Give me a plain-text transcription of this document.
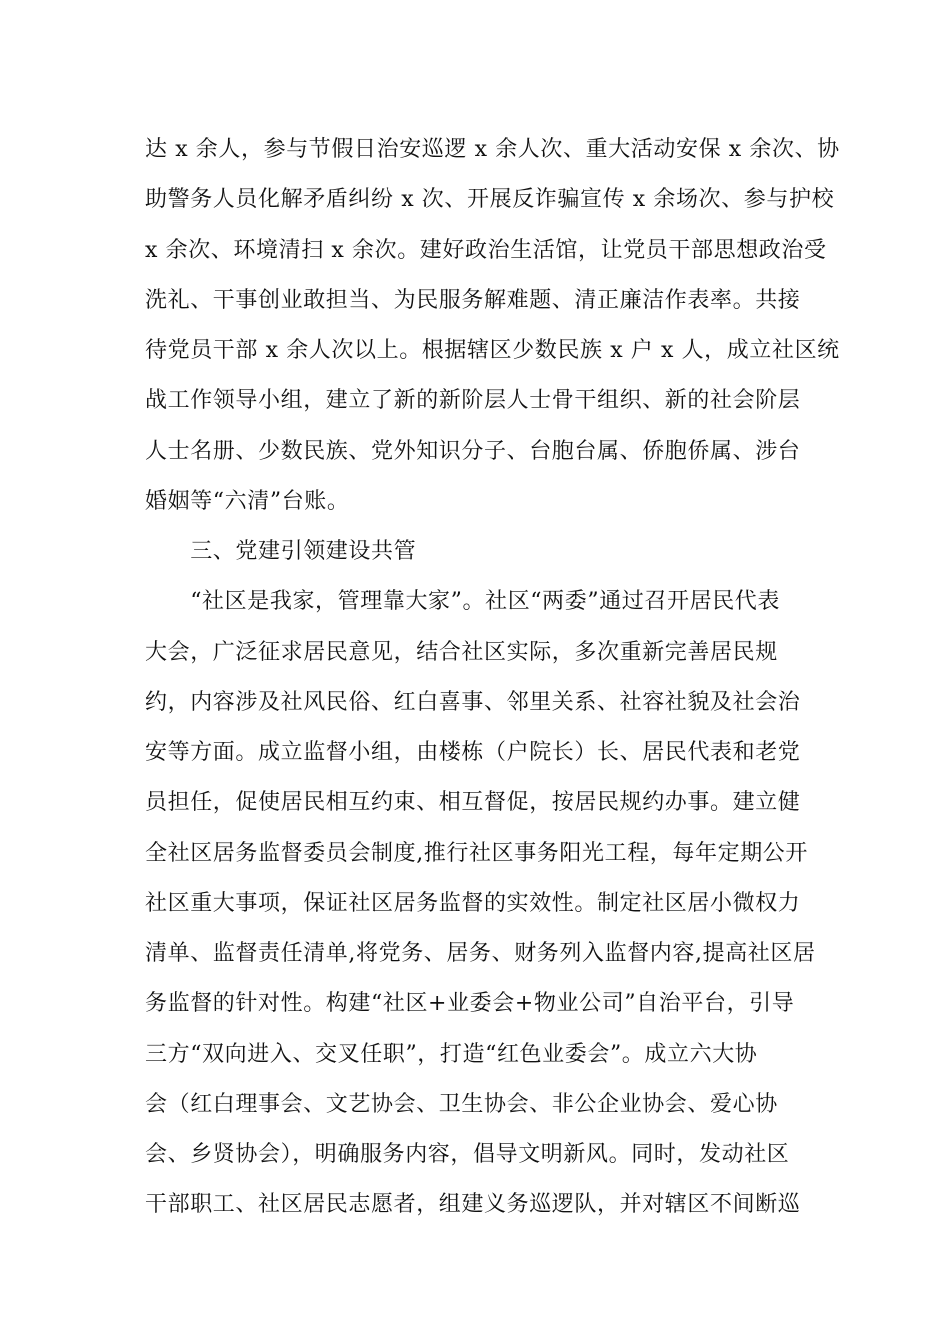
达 x 余人，参与节假日治安巡逻 x 余人次、重大活动安保 x 余次、协
助警务人员化解矛盾纠纷 x 次、开展反诈骗宣传 x 余场次、参与护校
x 余次、环境清扫 x 余次。建好政治生活馆，让党员干部思想政治受
洗礼、干事创业敢担当、为民服务解难题、清正廉洁作表率。共接
待党员干部 x 余人次以上。根据辖区少数民族 x 户 x 人，成立社区统
战工作领导小组，建立了新的新阶层人士骨干组织、新的社会阶层
人士名册、少数民族、党外知识分子、台胞台属、侨胞侨属、涉台
婚姻等“六清”台账。
　　三、党建引领建设共管
　　“社区是我家，管理靠大家”。社区“两委”通过召开居民代表
大会，广泛征求居民意见，结合社区实际，多次重新完善居民规
约，内容涉及社风民俗、红白喜事、邻里关系、社容社貌及社会治
安等方面。成立监督小组，由楼栋（户院长）长、居民代表和老党
员担任，促使居民相互约束、相互督促，按居民规约办事。建立健
全社区居务监督委员会制度,推行社区事务阳光工程，每年定期公开
社区重大事项，保证社区居务监督的实效性。制定社区居小微权力
清单、监督责任清单,将党务、居务、财务列入监督内容,提高社区居
务监督的针对性。构建“社区+业委会+物业公司”自治平台，引导
三方“双向进入、交叉任职”，打造“红色业委会”。成立六大协
会（红白理事会、文艺协会、卫生协会、非公企业协会、爱心协
会、乡贤协会），明确服务内容，倡导文明新风。同时，发动社区
干部职工、社区居民志愿者，组建义务巡逻队，并对辖区不间断巡
